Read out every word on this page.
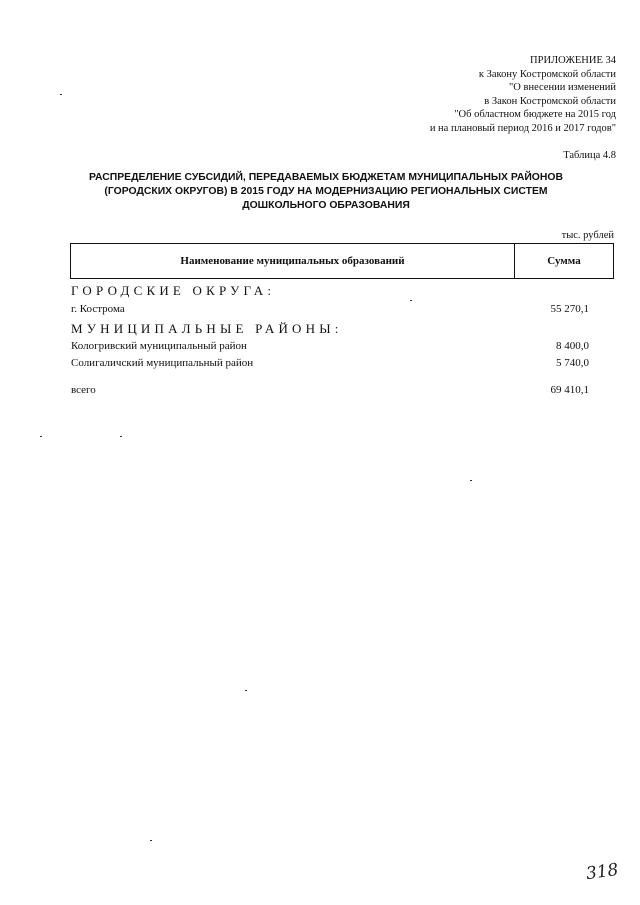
ПРИЛОЖЕНИЕ 34
к Закону Костромской области
"О внесении изменений
в Закон Костромской области
"Об областном бюджете на 2015 год
и на плановый период 2016 и 2017 годов"
Таблица 4.8
РАСПРЕДЕЛЕНИЕ СУБСИДИЙ, ПЕРЕДАВАЕМЫХ БЮДЖЕТАМ МУНИЦИПАЛЬНЫХ РАЙОНОВ
(ГОРОДСКИХ ОКРУГОВ) В 2015 ГОДУ НА МОДЕРНИЗАЦИЮ РЕГИОНАЛЬНЫХ СИСТЕМ
ДОШКОЛЬНОГО ОБРАЗОВАНИЯ
тыс. рублей
Наименование муниципальных образований	Сумма
ГОРОДСКИЕ ОКРУГА:
г. Кострома	55 270,1
МУНИЦИПАЛЬНЫЕ РАЙОНЫ:
Кологривский муниципальный район	8 400,0
Солигаличский муниципальный район	5 740,0
всего	69 410,1
318
